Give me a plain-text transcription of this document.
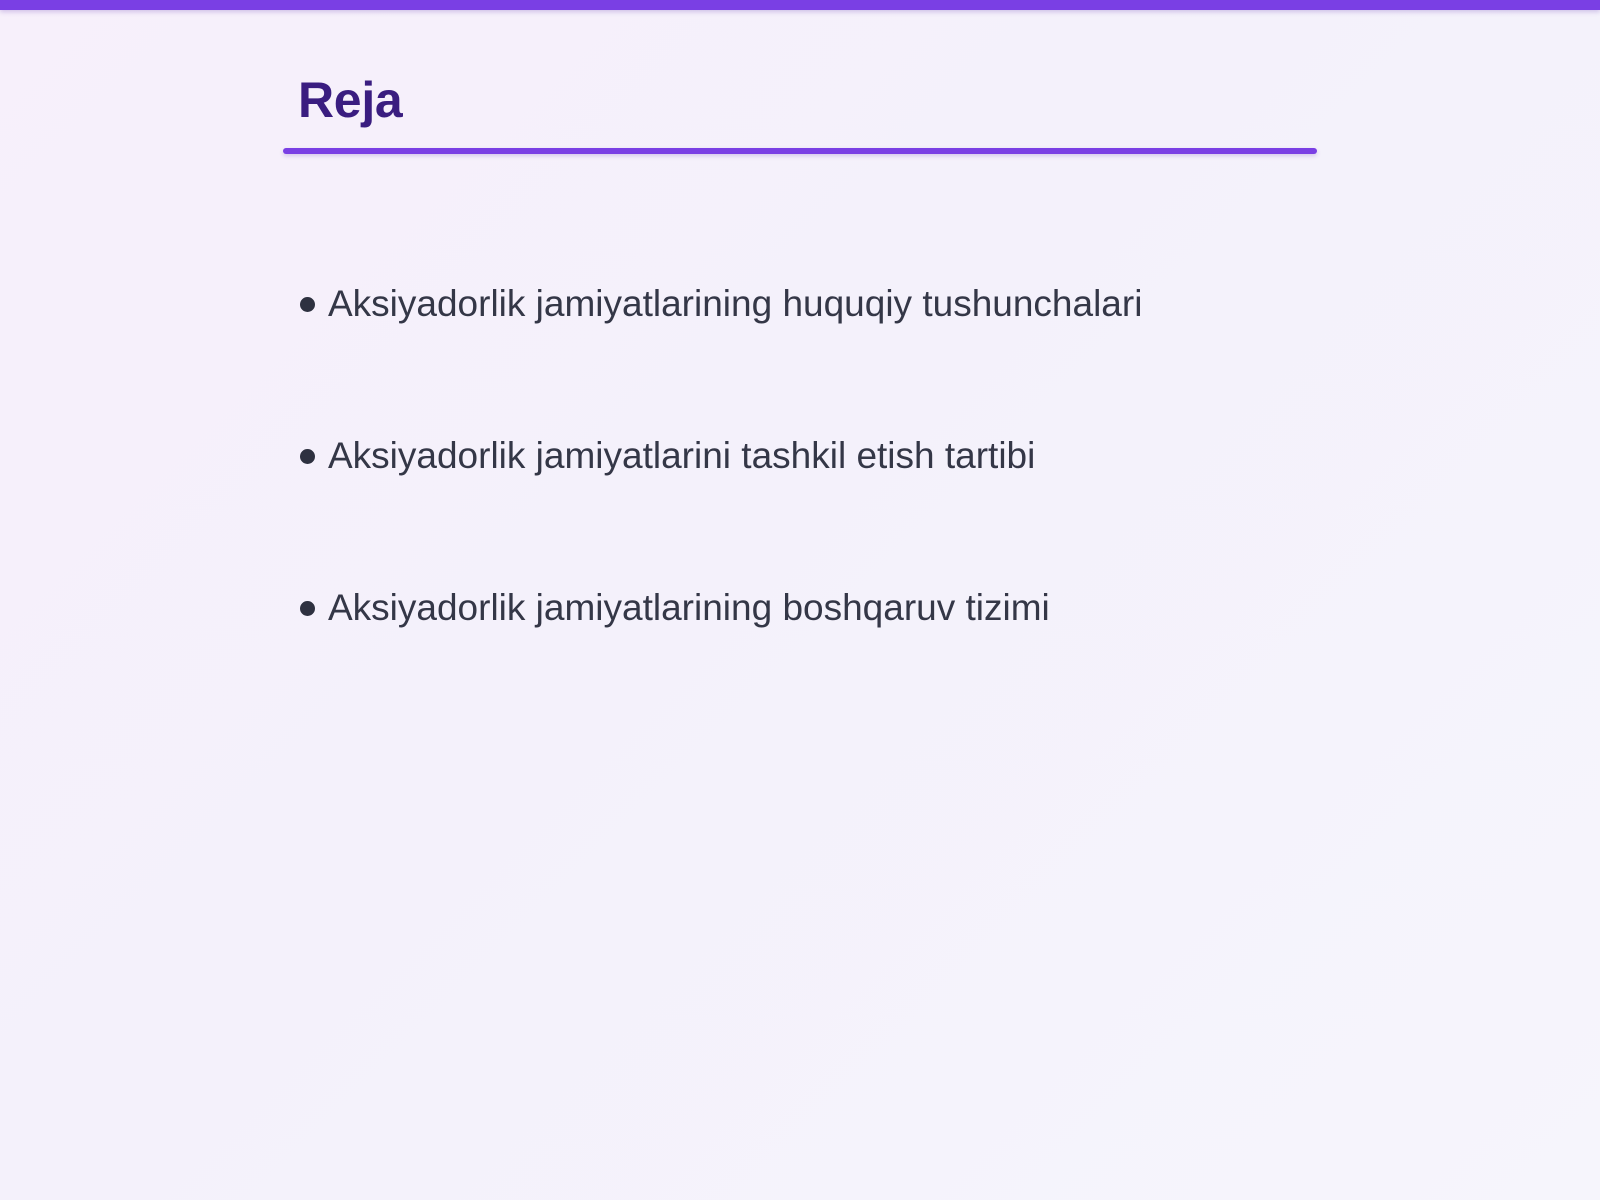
Reja
Aksiyadorlik jamiyatlarining huquqiy tushunchalari
Aksiyadorlik jamiyatlarini tashkil etish tartibi
Aksiyadorlik jamiyatlarining boshqaruv tizimi
